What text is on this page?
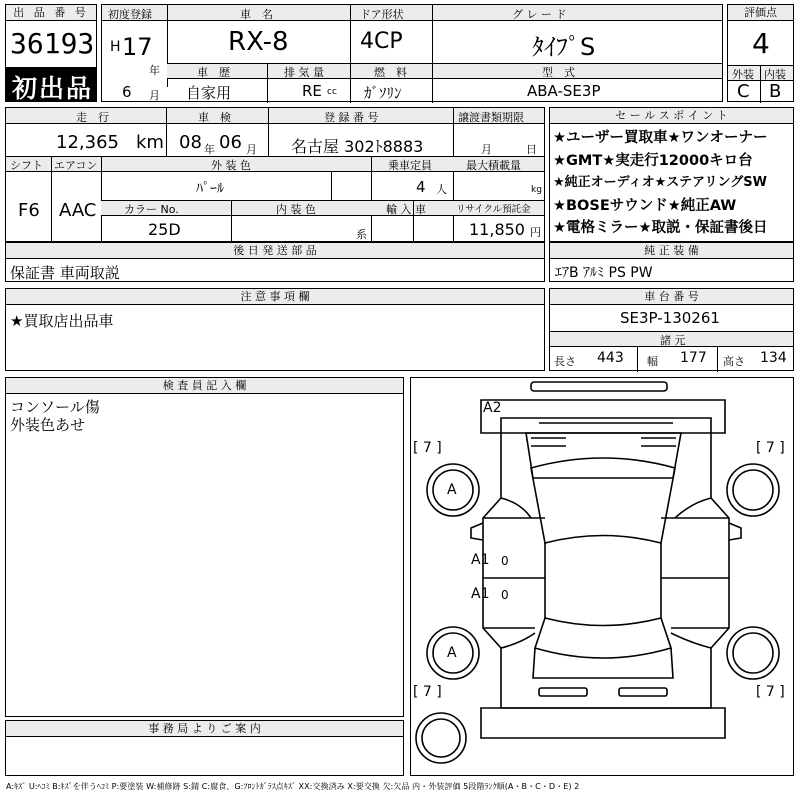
出 品 番 号
36193
初出品
初度登録	車　名	ドア形状	グ レ ー ド
H 17
年
6 月
RX-8	4CP	ﾀｲﾌﾟS
車　歴	排 気 量	燃　料	型　式
自家用	RE cc ｶﾞｿﾘﾝ	ABA-SE3P
評価点
4
外装 内装
C B
走　行	車　検	登 録 番 号	譲渡書類期限
12,365 km 08 年 06 月 名古屋 302ﾄ8883	月	日
シフト エアコン	外 装 色	乗車定員	最大積載量
F6 AAC
ﾊﾟｰﾙ	4 人	kg
カラー No.	内 装 色	輸 入 車	リサイクル預託金
25D	系	11,850 円
セ ー ル ス ポ イ ン ト
★ユーザー買取車★ワンオーナー
★GMT★実走行12000キロ台
★純正オーディオ★ステアリングSW
★BOSEサウンド★純正AW
★電格ミラー★取説・保証書後日
後 日 発 送 部 品
保証書 車両取説
純 正 装 備
ｴｱB ｱﾙﾐ PS PW
注 意 事 項 欄
★買取店出品車
車 台 番 号
SE3P-130261
諸 元
長さ 443 幅 177 高さ 134
検 査 員 記 入 欄
コンソール傷
外装色あせ
事 務 局 よ り ご 案 内
A2
A
A
A1
A1
0
0
[ 7 ]	[ 7 ]
[ 7 ]	[ 7 ]
A:ｷｽﾞ U:ﾍｺﾐ B:ｷｽﾞを伴うﾍｺﾐ P:要塗装 W:補修跡 S:錆 C:腐食、G:ﾌﾛﾝﾄｶﾞﾗｽ点ｷｽﾞ XX:交換済み X:要交換 欠:欠品 内・外装評価 5段階ﾗﾝｸ順(A・B・C・D・E) 2
